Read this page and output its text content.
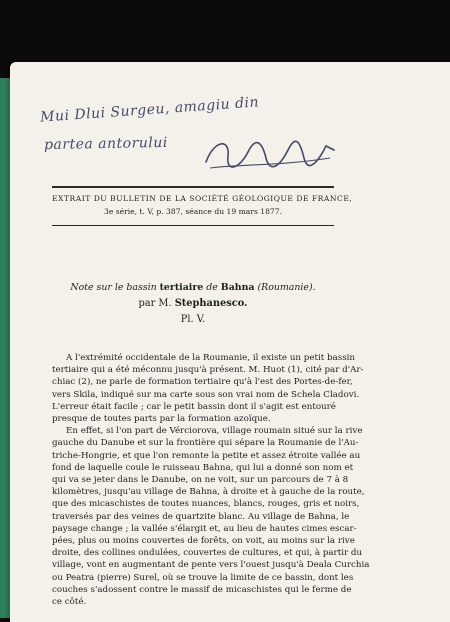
Mui Dlui Surgeu, amagiu din
partea antorului
EXTRAIT DU BULLETIN DE LA SOCIÉTÉ GÉOLOGIQUE DE FRANCE,
3e série, t. V, p. 387, séance du 19 mars 1877.
Note sur le bassin tertiaire de Bahna (Roumanie).
par M. Stephanesco.
Pl. V.

A l'extrémité occidentale de la Roumanie, il existe un petit bassin
tertiaire qui a été méconnu jusqu'à présent. M. Huot (1), cité par d'Ar-
chiac (2), ne parle de formation tertiaire qu'à l'est des Portes-de-fer,
vers Skila, indiqué sur ma carte sous son vrai nom de Schela Cladovi.
L'erreur était facile ; car le petit bassin dont il s'agit est entouré
presque de toutes parts par la formation azoïque.

En effet, si l'on part de Vérciorova, village roumain situé sur la rive
gauche du Danube et sur la frontière qui sépare la Roumanie de l'Au-
triche-Hongrie, et que l'on remonte la petite et assez étroite vallée au
fond de laquelle coule le ruisseau Bahna, qui lui a donné son nom et
qui va se jeter dans le Danube, on ne voit, sur un parcours de 7 à 8
kilomètres, jusqu'au village de Bahna, à droite et à gauche de la route,
que des micaschistes de toutes nuances, blancs, rouges, gris et noirs,
traversés par des veines de quartzite blanc. Au village de Bahna, le
paysage change ; la vallée s'élargit et, au lieu de hautes cimes escar-
pées, plus ou moins couvertes de forêts, on voit, au moins sur la rive
droite, des collines ondulées, couvertes de cultures, et qui, à partir du
village, vont en augmentant de pente vers l'ouest jusqu'à Deala Curchia
ou Peatra (pierre) Surel, où se trouve la limite de ce bassin, dont les
couches s'adossent contre le massif de micaschistes qui le ferme de
ce côté.
